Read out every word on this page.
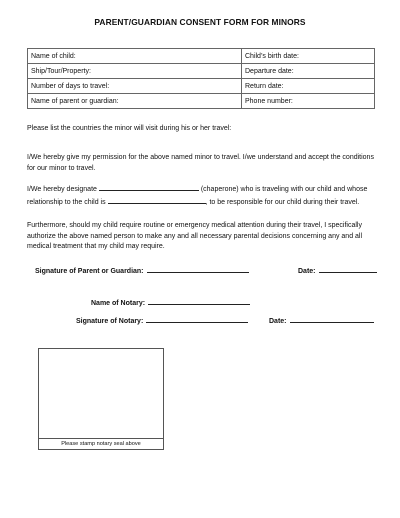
PARENT/GUARDIAN CONSENT FORM FOR MINORS
Name of child:	Child’s birth date:
Ship/Tour/Property:	Departure date:
Number of days to travel:	Return date:
Name of parent or guardian:	Phone number:

Please list the countries the minor will visit during his or her travel:

I/We hereby give my permission for the above named minor to travel. I/we understand and accept the conditions for our minor to travel.

I/We hereby designate	(chaperone) who is traveling with our child and whose relationship to the child is	, to be responsible for our child during their travel.

Furthermore, should my child require routine or emergency medical attention during their travel, I specifically authorize the above named person to make any and all necessary parental decisions concerning any and all medical treatment that my child may require.

Signature of Parent or Guardian:	Date:
Name of Notary:
Signature of Notary:	Date:
Please stamp notary seal above
